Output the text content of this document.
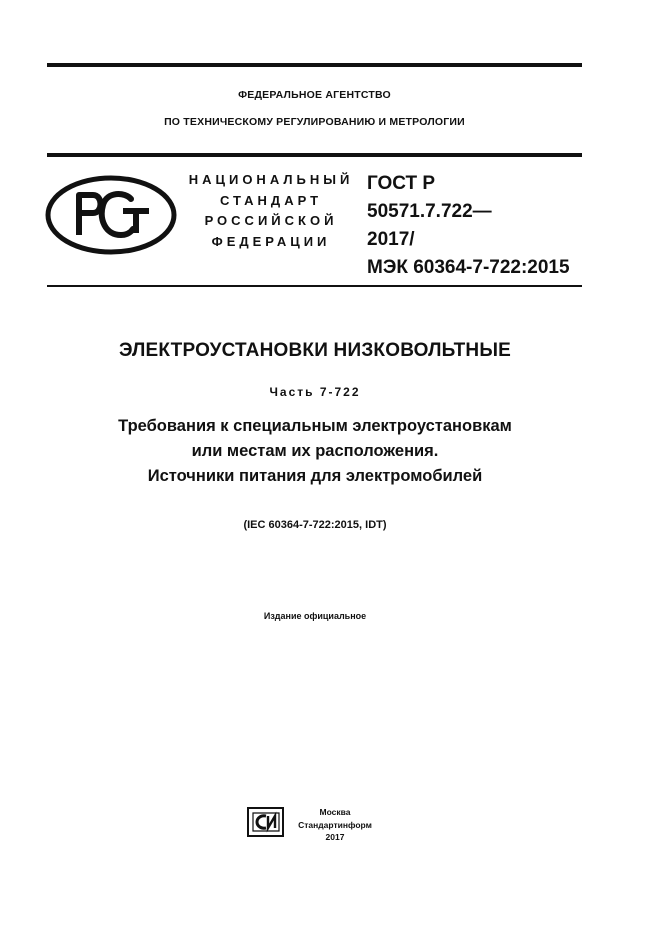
ФЕДЕРАЛЬНОЕ АГЕНТСТВО
ПО ТЕХНИЧЕСКОМУ РЕГУЛИРОВАНИЮ И МЕТРОЛОГИИ
НАЦИОНАЛЬНЫЙ
СТАНДАРТ
РОССИЙСКОЙ
ФЕДЕРАЦИИ
ГОСТ Р
50571.7.722—
2017/
МЭК 60364-7-722:2015
ЭЛЕКТРОУСТАНОВКИ НИЗКОВОЛЬТНЫЕ
Часть 7-722
Требования к специальным электроустановкам
или местам их расположения.
Источники питания для электромобилей
(IEC 60364-7-722:2015, IDT)
Издание официальное
Москва
Стандартинформ
2017
